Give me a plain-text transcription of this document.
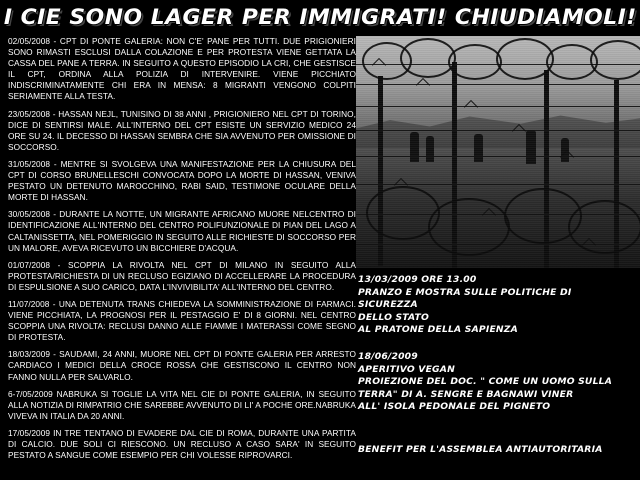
I CIE SONO LAGER PER IMMIGRATI! CHIUDIAMOLI!

02/05/2008 - CPT DI PONTE GALERIA: NON C'E' PANE PER TUTTI. DUE PRIGIONIERI SONO RIMASTI ESCLUSI DALLA COLAZIONE E PER PROTESTA VIENE GETTATA LA CASSA DEL PANE A TERRA. IN SEGUITO A QUESTO EPISODIO LA CRI, CHE GESTISCE IL CPT, ORDINA ALLA POLIZIA DI INTERVENIRE. VIENE PICCHIATO INDISCRIMINATAMENTE CHI ERA IN MENSA: 8 MIGRANTI VENGONO COLPITI SERIAMENTE ALLA TESTA.

23/05/2008 - HASSAN NEJL, TUNISINO DI 38 ANNI , PRIGIONIERO NEL CPT DI TORINO, DICE DI SENTIRSI MALE. ALL'INTERNO DEL CPT ESISTE UN SERVIZIO MEDICO 24 ORE SU 24. IL DECESSO DI HASSAN SEMBRA CHE SIA AVVENUTO PER OMISSIONE DI SOCCORSO.

31/05/2008 - MENTRE SI SVOLGEVA UNA MANIFESTAZIONE PER LA CHIUSURA DEL CPT DI CORSO BRUNELLESCHI CONVOCATA DOPO LA MORTE DI HASSAN, VENIVA PESTATO UN DETENUTO MAROCCHINO, RABI SAID, TESTIMONE OCULARE DELLA MORTE DI HASSAN.

30/05/2008 - DURANTE LA NOTTE, UN MIGRANTE AFRICANO MUORE NELCENTRO DI IDENTIFICAZIONE ALL'INTERNO DEL CENTRO POLIFUNZIONALE DI PIAN DEL LAGO A CALTANISSETTA, NEL POMERIGGIO IN SEGUITO ALLE RICHIESTE DI SOCCORSO PER UN MALORE, AVEVA RICEVUTO UN BICCHIERE D'ACQUA.

01/07/2008 - SCOPPIA LA RIVOLTA NEL CPT DI MILANO IN SEGUITO ALLA PROTESTA/RICHIESTA DI UN RECLUSO EGIZIANO DI ACCELLERARE LA PROCEDURA DI ESPULSIONE A SUO CARICO, DATA L'INVIVIBILITA' ALL'INTERNO DEL CENTRO.

11/07/2008 - UNA DETENUTA TRANS CHIEDEVA LA SOMMINISTRAZIONE DI FARMACI. VIENE PICCHIATA, LA PROGNOSI PER IL PESTAGGIO E' DI 8 GIORNI. NEL CENTRO SCOPPIA UNA RIVOLTA: RECLUSI DANNO ALLE FIAMME I MATERASSI COME SEGNO DI PROTESTA.

18/03/2009 - SAUDAMI, 24 ANNI, MUORE NEL CPT DI PONTE GALERIA PER ARRESTO CARDIACO I MEDICI DELLA CROCE ROSSA CHE GESTISCONO IL CENTRO NON FANNO NULLA PER SALVARLO.

6-7/05/2009 NABRUKA SI TOGLIE LA VITA NEL CIE DI PONTE GALERIA, IN SEGUITO ALLA NOTIZIA DI RIMPATRIO CHE SAREBBE AVVENUTO DI LI' A POCHE ORE.NABRUKA VIVEVA IN ITALIA DA 20 ANNI.

17/05/2009 IN TRE TENTANO DI EVADERE DAL CIE DI ROMA, DURANTE UNA PARTITA DI CALCIO. DUE SOLI CI RIESCONO. UN RECLUSO A CASO SARA' IN SEGUITO PESTATO A SANGUE COME ESEMPIO PER CHI VOLESSE RIPROVARCI.

13/03/2009 ORE 13.00

PRANZO E MOSTRA SULLE POLITICHE DI SICUREZZA

DELLO STATO

AL PRATONE DELLA SAPIENZA

18/06/2009

APERITIVO VEGAN

PROIEZIONE DEL DOC. " COME UN UOMO SULLA

TERRA" DI A. SENGRE E BAGNAWI VINER

ALL' ISOLA PEDONALE DEL PIGNETO

BENEFIT PER L'ASSEMBLEA ANTIAUTORITARIA
